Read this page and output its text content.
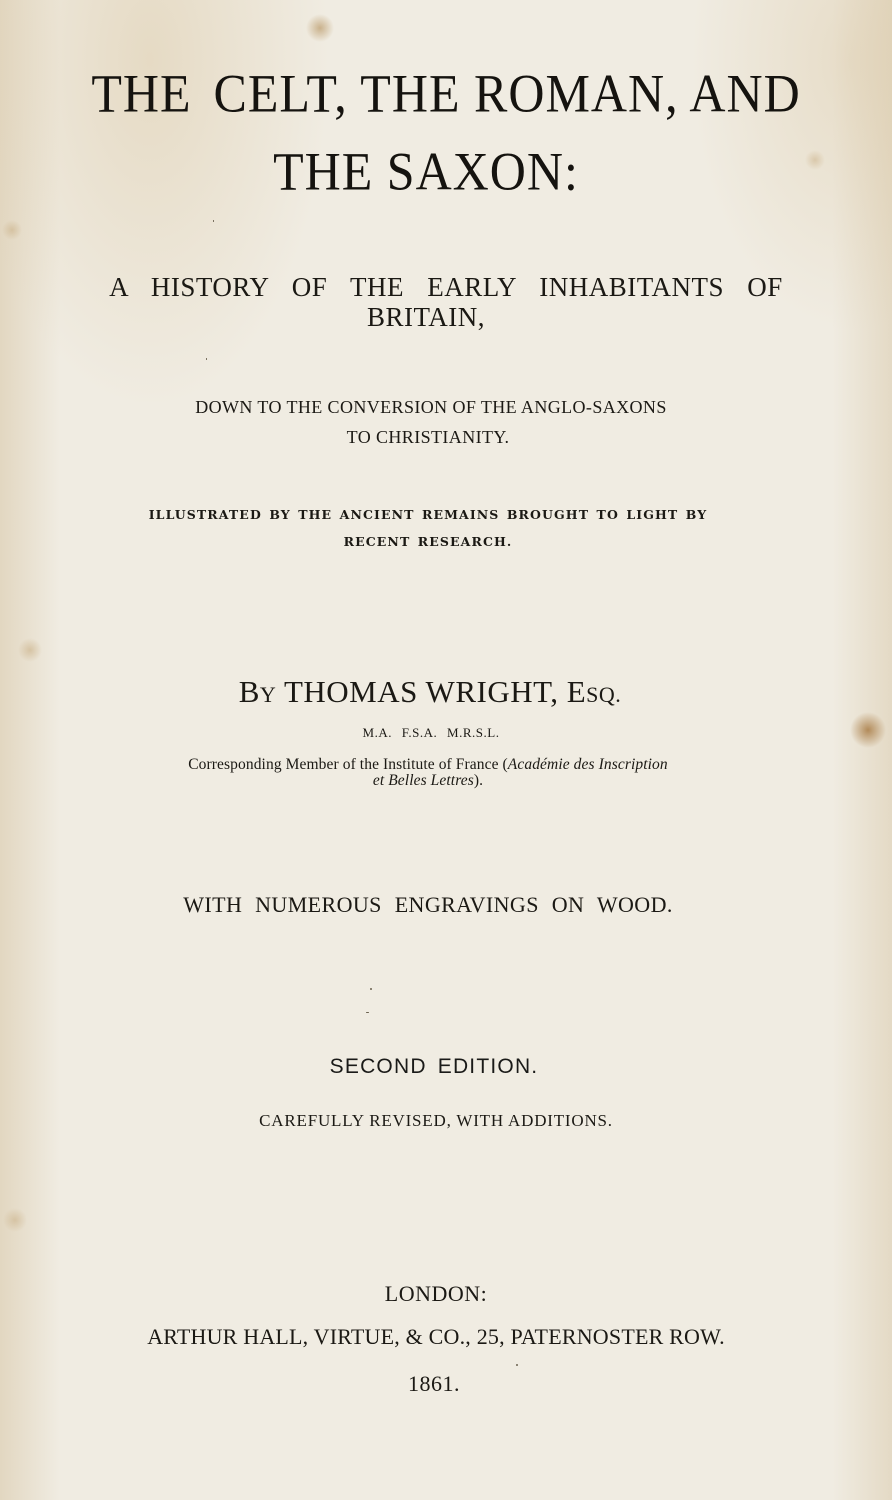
THE CELT, THE ROMAN, AND
THE SAXON:
A HISTORY OF THE EARLY INHABITANTS OF
BRITAIN,
DOWN TO THE CONVERSION OF THE ANGLO-SAXONS
TO CHRISTIANITY.
ILLUSTRATED BY THE ANCIENT REMAINS BROUGHT TO LIGHT BY
RECENT RESEARCH.
BY THOMAS WRIGHT, ESQ.
M.A. F.S.A. M.R.S.L.
Corresponding Member of the Institute of France (Académie des Inscription
et Belles Lettres).
WITH NUMEROUS ENGRAVINGS ON WOOD.
SECOND EDITION.
CAREFULLY REVISED, WITH ADDITIONS.
LONDON:
ARTHUR HALL, VIRTUE, & CO., 25, PATERNOSTER ROW.
1861.
